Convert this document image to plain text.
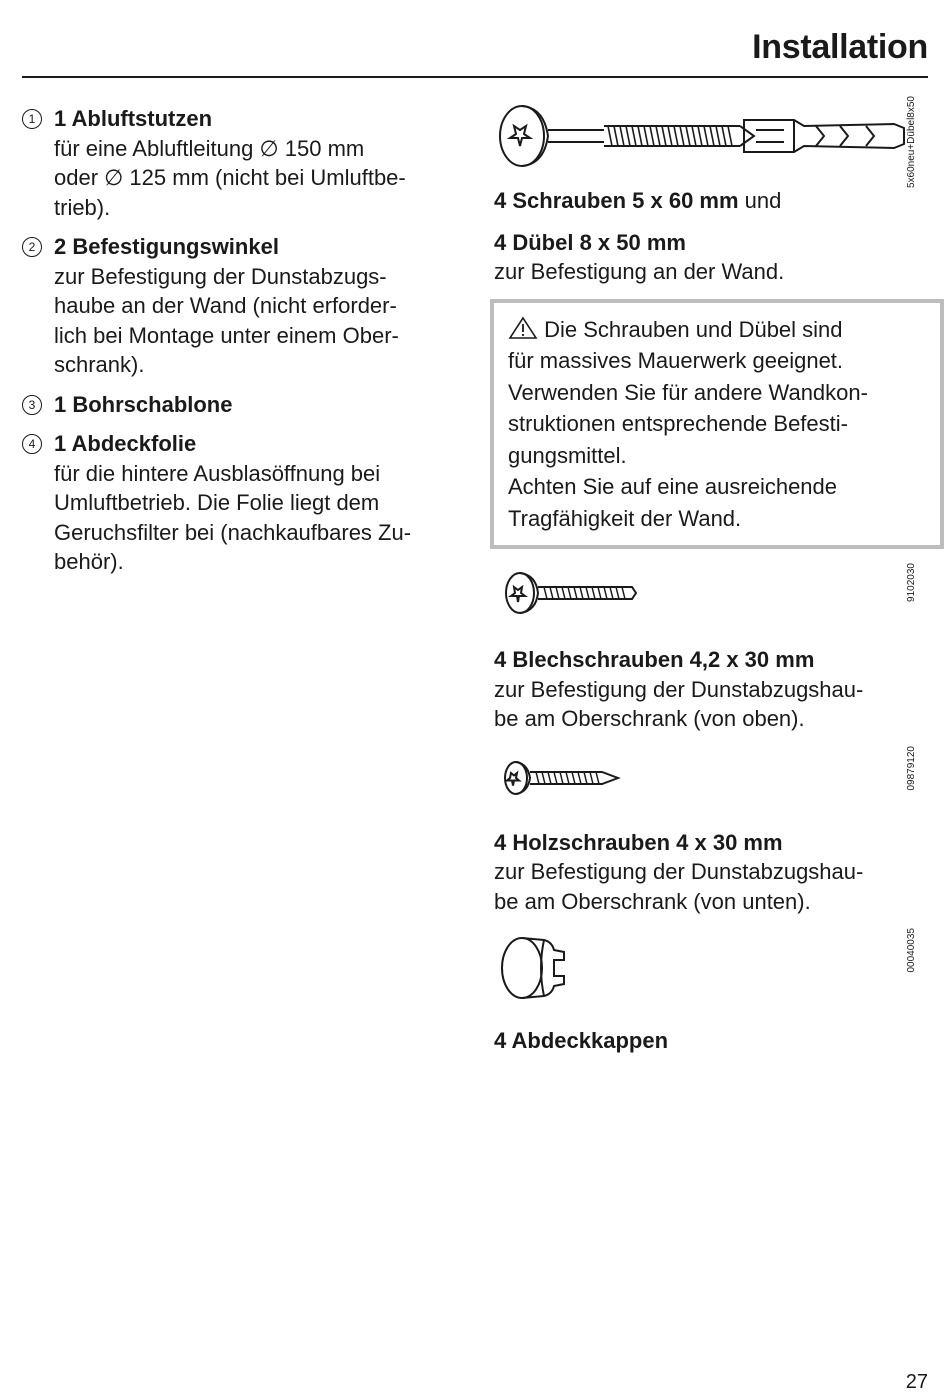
Installation
1 1 Abluftstutzen
für eine Abluftleitung ∅ 150 mm
oder ∅ 125 mm (nicht bei Umluftbe-
trieb).
2 2 Befestigungswinkel
zur Befestigung der Dunstabzugs-
haube an der Wand (nicht erforder-
lich bei Montage unter einem Ober-
schrank).
3 1 Bohrschablone
4 1 Abdeckfolie
für die hintere Ausblasöffnung bei
Umluftbetrieb. Die Folie liegt dem
Geruchsfilter bei (nachkaufbares Zu-
behör).
5x60neu+Dübel8x50

4 Schrauben 5 x 60 mm und

4 Dübel 8 x 50 mm
zur Befestigung an der Wand.

Die Schrauben und Dübel sind

für massives Mauerwerk geeignet.

Verwenden Sie für andere Wandkon-

struktionen entsprechende Befesti-

gungsmittel.

Achten Sie auf eine ausreichende

Tragfähigkeit der Wand.

9102030

4 Blechschrauben 4,2 x 30 mm
zur Befestigung der Dunstabzugshau-
be am Oberschrank (von oben).

09879120

4 Holzschrauben 4 x 30 mm
zur Befestigung der Dunstabzugshau-
be am Oberschrank (von unten).

00040035

4 Abdeckkappen

27
